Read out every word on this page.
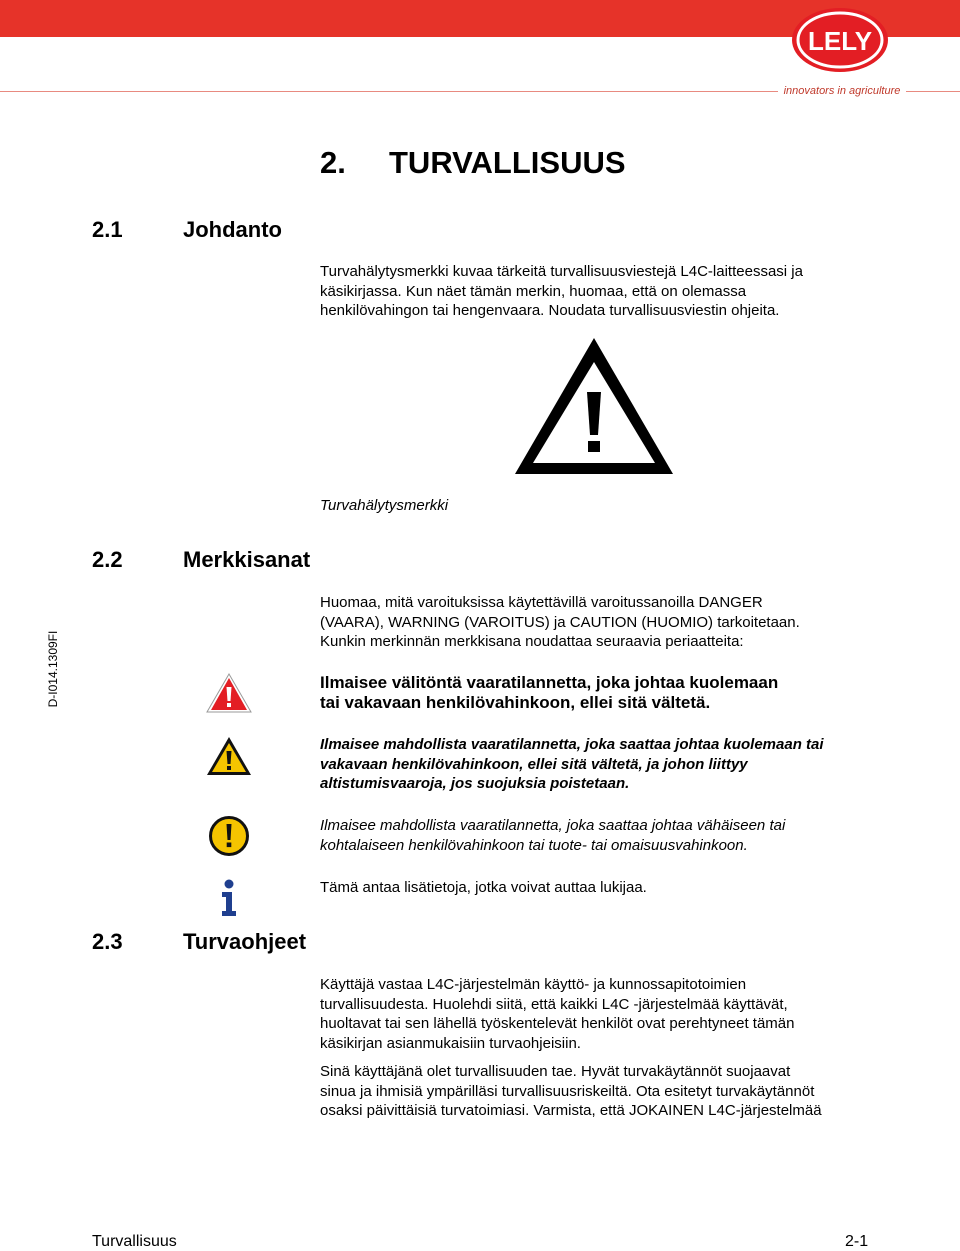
LELY
innovators in agriculture
D-I014.1309FI
2. TURVALLISUUS
2.1	Johdanto
Turvahälytysmerkki kuvaa tärkeitä turvallisuusviestejä L4C-laitteessasi ja
käsikirjassa. Kun näet tämän merkin, huomaa, että on olemassa
henkilövahingon tai hengenvaara. Noudata turvallisuusviestin ohjeita.
Turvahälytysmerkki
2.2	Merkkisanat
Huomaa, mitä varoituksissa käytettävillä varoitussanoilla DANGER
(VAARA), WARNING (VAROITUS) ja CAUTION (HUOMIO) tarkoitetaan.
Kunkin merkinnän merkkisana noudattaa seuraavia periaatteita:
Ilmaisee välitöntä vaaratilannetta, joka johtaa kuolemaan
tai vakavaan henkilövahinkoon, ellei sitä vältetä.
Ilmaisee mahdollista vaaratilannetta, joka saattaa johtaa kuolemaan tai
vakavaan henkilövahinkoon, ellei sitä vältetä, ja johon liittyy
altistumisvaaroja, jos suojuksia poistetaan.
Ilmaisee mahdollista vaaratilannetta, joka saattaa johtaa vähäiseen tai
kohtalaiseen henkilövahinkoon tai tuote- tai omaisuusvahinkoon.
Tämä antaa lisätietoja, jotka voivat auttaa lukijaa.
2.3	Turvaohjeet
Käyttäjä vastaa L4C-järjestelmän käyttö- ja kunnossapitotoimien
turvallisuudesta. Huolehdi siitä, että kaikki L4C -järjestelmää käyttävät,
huoltavat tai sen lähellä työskentelevät henkilöt ovat perehtyneet tämän
käsikirjan asianmukaisiin turvaohjeisiin.
Sinä käyttäjänä olet turvallisuuden tae. Hyvät turvakäytännöt suojaavat
sinua ja ihmisiä ympärilläsi turvallisuusriskeiltä. Ota esitetyt turvakäytännöt
osaksi päivittäisiä turvatoimiasi. Varmista, että JOKAINEN L4C-järjestelmää
Turvallisuus	2-1
